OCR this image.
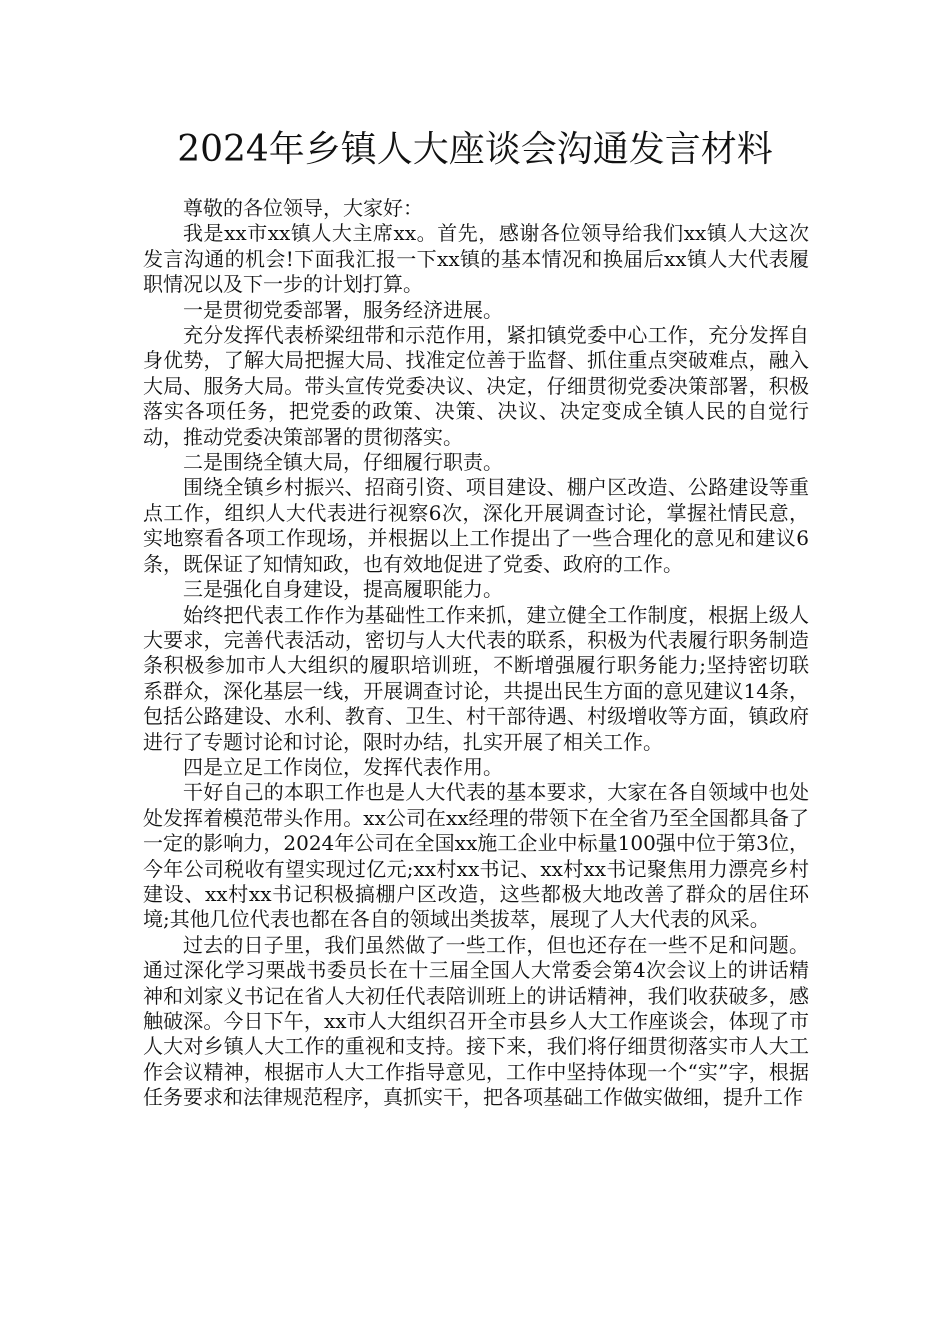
2024年乡镇人大座谈会沟通发言材料

尊敬的各位领导，大家好：

我是xx市xx镇人大主席xx。首先，感谢各位领导给我们xx镇人大这次发言沟通的机会!下面我汇报一下xx镇的基本情况和换届后xx镇人大代表履职情况以及下一步的计划打算。

一是贯彻党委部署，服务经济进展。

充分发挥代表桥梁纽带和示范作用，紧扣镇党委中心工作，充分发挥自身优势，了解大局把握大局、找准定位善于监督、抓住重点突破难点，融入大局、服务大局。带头宣传党委决议、决定，仔细贯彻党委决策部署，积极落实各项任务，把党委的政策、决策、决议、决定变成全镇人民的自觉行动，推动党委决策部署的贯彻落实。

二是围绕全镇大局，仔细履行职责。

围绕全镇乡村振兴、招商引资、项目建设、棚户区改造、公路建设等重点工作，组织人大代表进行视察6次，深化开展调查讨论，掌握社情民意，实地察看各项工作现场，并根据以上工作提出了一些合理化的意见和建议6条，既保证了知情知政，也有效地促进了党委、政府的工作。

三是强化自身建设，提高履职能力。

始终把代表工作作为基础性工作来抓，建立健全工作制度，根据上级人大要求，完善代表活动，密切与人大代表的联系，积极为代表履行职务制造条积极参加市人大组织的履职培训班，不断增强履行职务能力;坚持密切联系群众，深化基层一线，开展调查讨论，共提出民生方面的意见建议14条，包括公路建设、水利、教育、卫生、村干部待遇、村级增收等方面，镇政府进行了专题讨论和讨论，限时办结，扎实开展了相关工作。

四是立足工作岗位，发挥代表作用。

干好自己的本职工作也是人大代表的基本要求，大家在各自领域中也处处发挥着模范带头作用。xx公司在xx经理的带领下在全省乃至全国都具备了一定的影响力，2024年公司在全国xx施工企业中标量100强中位于第3位，今年公司税收有望实现过亿元;xx村xx书记、xx村xx书记聚焦用力漂亮乡村建设、xx村xx书记积极搞棚户区改造，这些都极大地改善了群众的居住环境;其他几位代表也都在各自的领域出类拔萃，展现了人大代表的风采。

过去的日子里，我们虽然做了一些工作，但也还存在一些不足和问题。通过深化学习栗战书委员长在十三届全国人大常委会第4次会议上的讲话精神和刘家义书记在省人大初任代表陪训班上的讲话精神，我们收获破多，感触破深。今日下午，xx市人大组织召开全市县乡人大工作座谈会，体现了市人大对乡镇人大工作的重视和支持。接下来，我们将仔细贯彻落实市人大工作会议精神，根据市人大工作指导意见，工作中坚持体现一个“实”字，根据任务要求和法律规范程序，真抓实干，把各项基础工作做实做细，提升工作
